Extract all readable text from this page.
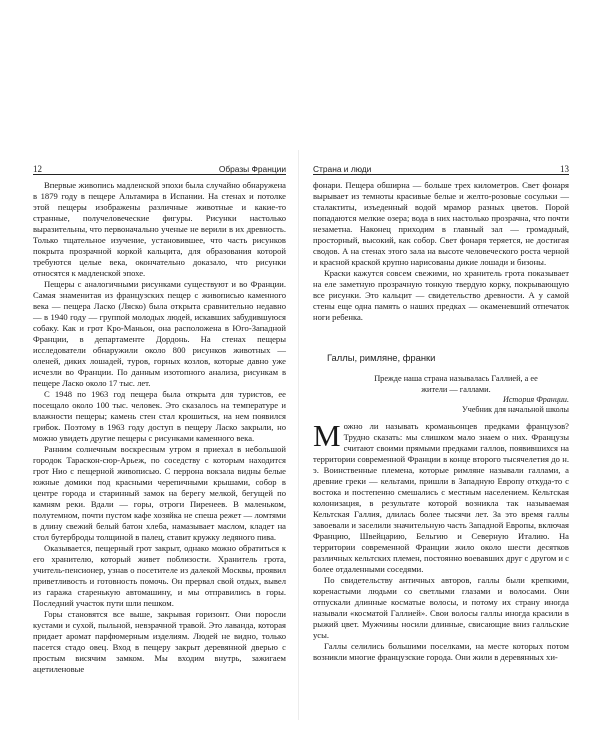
12	Образы Франции

Впервые живопись мадленской эпохи была случайно обнаружена в 1879 году в пещере Альтамира в Испании. На стенах и потолке этой пещеры изображены различные животные и какие-то странные, получеловеческие фигуры. Рисунки настолько выразительны, что первоначально ученые не верили в их древность. Только тщательное изучение, установившее, что часть рисунков покрыта прозрачной коркой кальцита, для образования которой требуются целые века, окончательно доказало, что рисунки относятся к мадленской эпохе.

Пещеры с аналогичными рисунками существуют и во Франции. Самая знаменитая из французских пещер с живописью каменного века — пещера Ласко (Ляско) была открыта сравнительно недавно — в 1940 году — группой молодых людей, искавших забудившуюся собаку. Как и грот Кро-Маньон, она расположена в Юго-Западной Франции, в департаменте Дордонь. На стенах пещеры исследователи обнаружили около 800 рисунков животных — оленей, диких лошадей, туров, горных козлов, которые давно уже исчезли во Франции. По данным изотопного анализа, рисункам в пещере Ласко около 17 тыс. лет.

С 1948 по 1963 год пещера была открыта для туристов, ее посещало около 100 тыс. человек. Это сказалось на температуре и влажности пещеры; камень стен стал крошиться, на нем появился грибок. Поэтому в 1963 году доступ в пещеру Ласко закрыли, но можно увидеть другие пещеры с рисунками каменного века.

Ранним солнечным воскресным утром я приехал в небольшой городок Тараскон-сюр-Арьеж, по соседству с которым находится грот Нио с пещерной живописью. С перрона вокзала видны белые южные домики под красными черепичными крышами, собор в центре города и старинный замок на берегу мелкой, бегущей по камням реки. Вдали — горы, отроги Пиренеев. В маленьком, полутемном, почти пустом кафе хозяйка не спеша режет — ломтями в длину свежий белый батон хлеба, намазывает маслом, кладет на стол бутерброды толщиной в палец, ставит кружку ледяного пива.

Оказывается, пещерный грот закрыт, однако можно обратиться к его хранителю, который живет поблизости. Хранитель грота, учитель-пенсионер, узнав о посетителе из далекой Москвы, проявил приветливость и готовность помочь. Он прервал свой отдых, вывел из гаража старенькую автомашину, и мы отправились в горы. Последний участок пути шли пешком.

Горы становятся все выше, закрывая горизонт. Они поросли кустами и сухой, пыльной, невзрачной травой. Это лаванда, которая придает аромат парфюмерным изделиям. Людей не видно, только пасется стадо овец. Вход в пещеру закрыт деревянной дверью с простым висячим замком. Мы входим внутрь, зажигаем ацетиленовые

Страна и люди	13

фонари. Пещера обширна — больше трех километров. Свет фонаря вырывает из темноты красивые белые и желто-розовые сосульки — сталактиты, изъеденный водой мрамор разных цветов. Порой попадаются мелкие озера; вода в них настолько прозрачна, что почти незаметна. Наконец приходим в главный зал — громадный, просторный, высокий, как собор. Свет фонаря теряется, не достигая сводов. А на стенах этого зала на высоте человеческого роста черной и красной краской крупно нарисованы дикие лошади и бизоны.

Краски кажутся совсем свежими, но хранитель грота показывает на еле заметную прозрачную тонкую твердую корку, покрывающую все рисунки. Это кальцит — свидетельство древности. А у самой стены еще одна память о наших предках — окаменевший отпечаток ноги ребенка.

Галлы, римляне, франки
Прежде наша страна называлась Галлией, а ее жители — галлами.
История Франции.
Учебник для начальной школы

Можно ли называть кроманьонцев предками французов? Трудно сказать: мы слишком мало знаем о них. Французы считают своими прямыми предками галлов, появившихся на территории современной Франции в конце второго тысячелетия до н. э. Воинственные племена, которые римляне называли галлами, а древние греки — кельтами, пришли в Западную Европу откуда-то с востока и постепенно смешались с местным населением. Кельтская колонизация, в результате которой возникла так называемая Кельтская Галлия, длилась более тысячи лет. За это время галлы завоевали и заселили значительную часть Западной Европы, включая Францию, Швейцарию, Бельгию и Северную Италию. На территории современной Франции жило около шести десятков различных кельтских племен, постоянно воевавших друг с другом и с более отдаленными соседями.

По свидетельству античных авторов, галлы были крепкими, коренастыми людьми со светлыми глазами и волосами. Они отпускали длинные косматые волосы, и потому их страну иногда называли «косматой Галлией». Свои волосы галлы иногда красили в рыжий цвет. Мужчины носили длинные, свисающие вниз галльские усы.

Галлы селились большими поселками, на месте которых потом возникли многие французские города. Они жили в деревянных хи-
